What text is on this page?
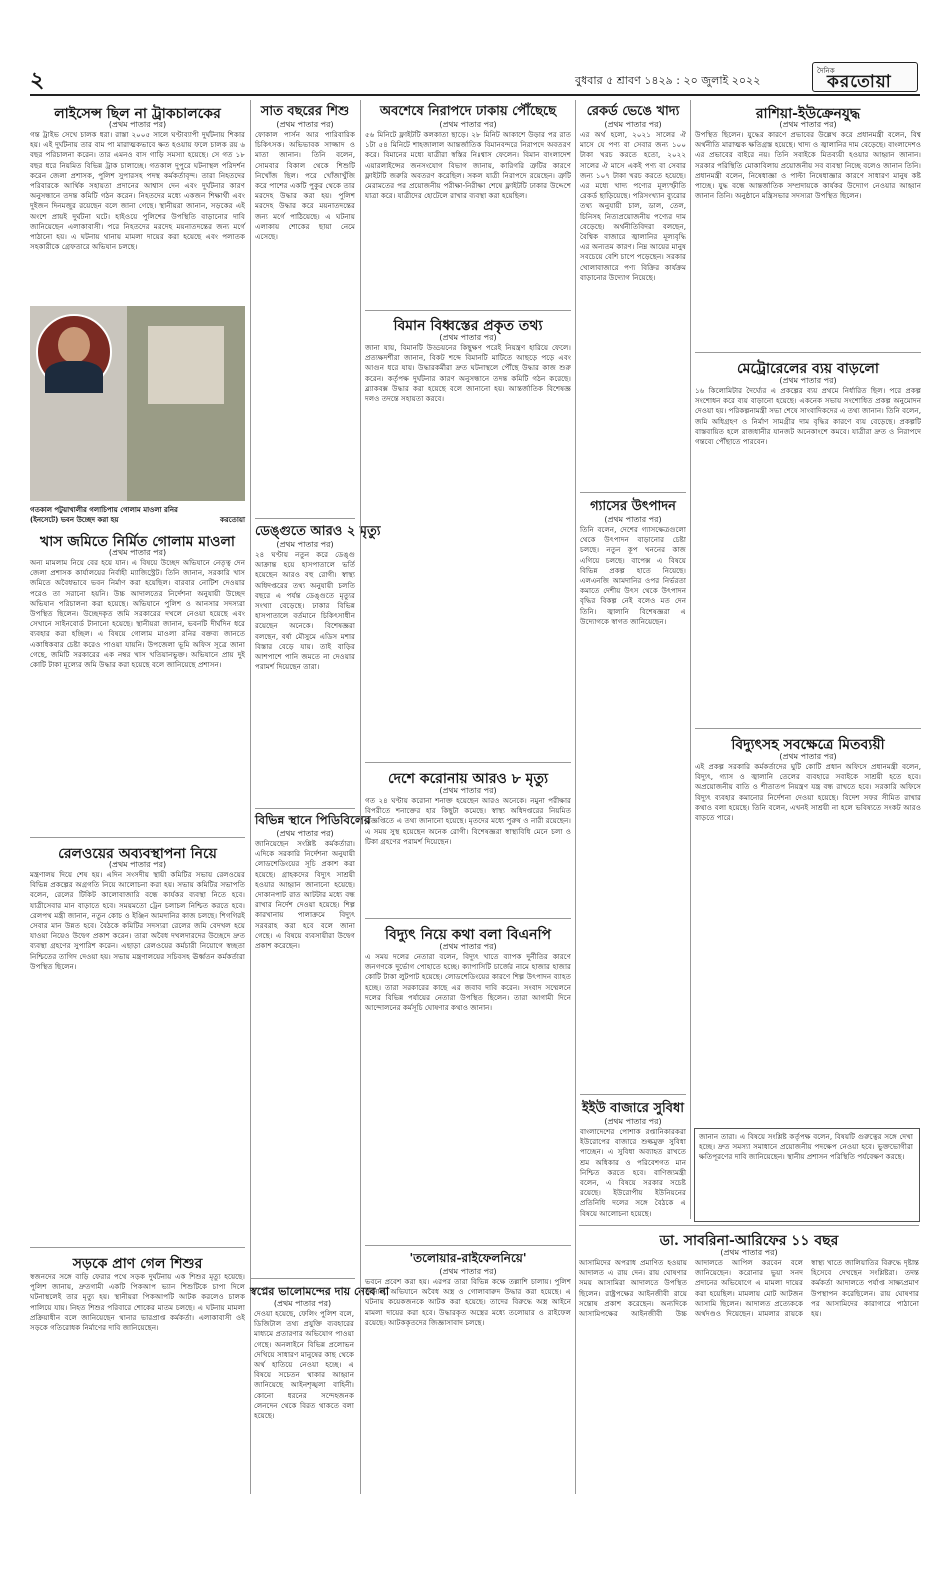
২	বুধবার ৫ শ্রাবণ ১৪২৯ : ২০ জুলাই ২০২২
দৈনিক
করতোয়া
লাইসেন্স ছিল না ট্রাকচালকের
(প্রথম পাতার পর)
গন্ত ট্রাইভ সেখে চালক ধরা। রাস্তা ২০০৫ সালে ঘণ্টাব্যাপী দুর্ঘটনায় শিকার হয়। এই দুর্ঘটনায় তার বাম পা মারাত্মকভাবে ক্ষত হওয়ায় ফলে চালক রয় ৬ বছর পরিচালনা করেন। তার এমনও বাস গাড়ি সমস্যা হয়েছে। সে গত ১৮ বছর ধরে নিয়মিত বিভিন্ন ট্রাক চালাচ্ছে। গতকাল দুপুরে ঘটনাস্থল পরিদর্শন করেন জেলা প্রশাসক, পুলিশ সুপারসহ পদস্থ কর্মকর্তাবৃন্দ। তারা নিহতদের পরিবারকে আর্থিক সহায়তা প্রদানের আশ্বাস দেন এবং দুর্ঘটনার কারণ অনুসন্ধানে তদন্ত কমিটি গঠন করেন। নিহতদের মধ্যে একজন শিক্ষার্থী এবং দুইজন দিনমজুর রয়েছেন বলে জানা গেছে। স্থানীয়রা জানান, সড়কের এই অংশে প্রায়ই দুর্ঘটনা ঘটে। হাইওয়ে পুলিশের উপস্থিতি বাড়ানোর দাবি জানিয়েছেন এলাকাবাসী। পরে নিহতদের মরদেহ ময়নাতদন্তের জন্য মর্গে পাঠানো হয়। এ ঘটনায় থানায় মামলা দায়ের করা হয়েছে এবং পলাতক সহকারীকে গ্রেফতারে অভিযান চলছে।
গতকাল পটুয়াখালীর গলাচিপায় গোলাম মাওলা রনির (ইনসেটে) ভবন উচ্ছেদ করা হয়	করতোয়া
খাস জমিতে নির্মিত গোলাম মাওলা
(প্রথম পাতার পর)
অন্য মামলাম নিয়ে বের হয়ে যান। এ বিষয়ে উচ্ছেদ অভিযানে নেতৃত্ব দেন জেলা প্রশাসক কার্যালয়ের নির্বাহী ম্যাজিস্ট্রেট। তিনি জানান, সরকারি খাস জমিতে অবৈধভাবে ভবন নির্মাণ করা হয়েছিল। বারবার নোটিশ দেওয়ার পরেও তা সরানো হয়নি। উচ্চ আদালতের নির্দেশনা অনুযায়ী উচ্ছেদ অভিযান পরিচালনা করা হয়েছে। অভিযানে পুলিশ ও আনসার সদস্যরা উপস্থিত ছিলেন। উচ্ছেদকৃত জমি সরকারের দখলে নেওয়া হয়েছে এবং সেখানে সাইনবোর্ড টানানো হয়েছে। স্থানীয়রা জানান, ভবনটি দীর্ঘদিন ধরে ব্যবহার করা হচ্ছিল। এ বিষয়ে গোলাম মাওলা রনির বক্তব্য জানতে একাধিকবার চেষ্টা করেও পাওয়া যায়নি। উপজেলা ভূমি অফিস সূত্রে জানা গেছে, জমিটি সরকারের এক নম্বর খাস খতিয়ানভুক্ত। অভিযানে প্রায় দুই কোটি টাকা মূল্যের জমি উদ্ধার করা হয়েছে বলে জানিয়েছে প্রশাসন।
রেলওয়ের অব্যবস্থাপনা নিয়ে
(প্রথম পাতার পর)
মন্ত্রণালয় দিয়ে শেষ হয়। এদিন সংসদীয় স্থায়ী কমিটির সভায় রেলওয়ের বিভিন্ন প্রকল্পের অগ্রগতি নিয়ে আলোচনা করা হয়। সভায় কমিটির সভাপতি বলেন, রেলের টিকিট কালোবাজারি বন্ধে কার্যকর ব্যবস্থা নিতে হবে। যাত্রীসেবার মান বাড়াতে হবে। সময়মতো ট্রেন চলাচল নিশ্চিত করতে হবে। রেলপথ মন্ত্রী জানান, নতুন কোচ ও ইঞ্জিন আমদানির কাজ চলছে। শিগগিরই সেবার মান উন্নত হবে। বৈঠকে কমিটির সদস্যরা রেলের জমি বেদখল হয়ে যাওয়া নিয়েও উদ্বেগ প্রকাশ করেন। তারা অবৈধ দখলদারদের উচ্ছেদে দ্রুত ব্যবস্থা গ্রহণের সুপারিশ করেন। এছাড়া রেলওয়ের কর্মচারী নিয়োগে স্বচ্ছতা নিশ্চিতের তাগিদ দেওয়া হয়। সভায় মন্ত্রণালয়ের সচিবসহ ঊর্ধ্বতন কর্মকর্তারা উপস্থিত ছিলেন।
সড়কে প্রাণ গেল শিশুর
স্বজনদের সঙ্গে বাড়ি ফেরার পথে সড়ক দুর্ঘটনায় এক শিশুর মৃত্যু হয়েছে। পুলিশ জানায়, দ্রুতগামী একটি পিকআপ ভ্যান শিশুটিকে চাপা দিলে ঘটনাস্থলেই তার মৃত্যু হয়। স্থানীয়রা পিকআপটি আটক করলেও চালক পালিয়ে যায়। নিহত শিশুর পরিবারে শোকের মাতম চলছে। এ ঘটনায় মামলা প্রক্রিয়াধীন বলে জানিয়েছেন থানার ভারপ্রাপ্ত কর্মকর্তা। এলাকাবাসী ওই সড়কে গতিরোধক নির্মাণের দাবি জানিয়েছেন।
সাত বছরের শিশু
(প্রথম পাতার পর)
ফোকাল পার্সন আর পারিবারিক চিকিৎসক। অভিভাবক সাজ্জাদ ও মাতা জানান। তিনি বলেন, সোমবার বিকাল থেকে শিশুটি নিখোঁজ ছিল। পরে খোঁজাখুঁজি করে পাশের একটি পুকুর থেকে তার মরদেহ উদ্ধার করা হয়। পুলিশ মরদেহ উদ্ধার করে ময়নাতদন্তের জন্য মর্গে পাঠিয়েছে। এ ঘটনায় এলাকায় শোকের ছায়া নেমে এসেছে।
ডেঙ্গুতে আরও ২ মৃত্যু
(প্রথম পাতার পর)
২৪ ঘণ্টায় নতুন করে ডেঙ্গু আক্রান্ত হয়ে হাসপাতালে ভর্তি হয়েছেন আরও বহু রোগী। স্বাস্থ্য অধিদপ্তরের তথ্য অনুযায়ী চলতি বছরে এ পর্যন্ত ডেঙ্গুতে মৃত্যুর সংখ্যা বেড়েছে। ঢাকার বিভিন্ন হাসপাতালে বর্তমানে চিকিৎসাধীন রয়েছেন অনেকে। বিশেষজ্ঞরা বলছেন, বর্ষা মৌসুমে এডিস মশার বিস্তার বেড়ে যায়। তাই বাড়ির আশপাশে পানি জমতে না দেওয়ার পরামর্শ দিয়েছেন তারা।
বিভিন্ন স্থানে পিডিবিলের
(প্রথম পাতার পর)
জানিয়েছেন সংশ্লিষ্ট কর্মকর্তারা। এদিকে সরকারি নির্দেশনা অনুযায়ী লোডশেডিংয়ের সূচি প্রকাশ করা হয়েছে। গ্রাহকদের বিদ্যুৎ সাশ্রয়ী হওয়ার আহ্বান জানানো হয়েছে। দোকানপাট রাত আটটার মধ্যে বন্ধ রাখার নির্দেশ দেওয়া হয়েছে। শিল্প কারখানায় পালাক্রমে বিদ্যুৎ সরবরাহ করা হবে বলে জানা গেছে। এ বিষয়ে ব্যবসায়ীরা উদ্বেগ প্রকাশ করেছেন।
স্বপ্নের ভালোমন্দের দায় নেবে না
(প্রথম পাতার পর)
দেওয়া হয়েছে, ফেলিং পুলিশ বলে, ডিজিটাল তথ্য প্রযুক্তি ব্যবহারের মাধ্যমে প্রতারণার অভিযোগ পাওয়া গেছে। অনলাইনে বিভিন্ন প্রলোভন দেখিয়ে সাধারণ মানুষের কাছ থেকে অর্থ হাতিয়ে নেওয়া হচ্ছে। এ বিষয়ে সচেতন থাকার আহ্বান জানিয়েছে আইনশৃঙ্খলা বাহিনী। কোনো ধরনের সন্দেহজনক লেনদেন থেকে বিরত থাকতে বলা হয়েছে।
অবশেষে নিরাপদে ঢাকায় পৌঁছেছে
(প্রথম পাতার পর)
৫৬ মিনিটে ফ্লাইটটি কলকাতা ছাড়ে। ২৮ মিনিট আকাশে উড়ার পর রাত ১টা ৫৪ মিনিটে শাহজালাল আন্তর্জাতিক বিমানবন্দরে নিরাপদে অবতরণ করে। বিমানের মধ্যে যাত্রীরা স্বস্তির নিঃশ্বাস ফেলেন। বিমান বাংলাদেশ এয়ারলাইন্সের জনসংযোগ বিভাগ জানায়, কারিগরি ত্রুটির কারণে ফ্লাইটটি জরুরি অবতরণ করেছিল। সকল যাত্রী নিরাপদে রয়েছেন। ত্রুটি মেরামতের পর প্রয়োজনীয় পরীক্ষা-নিরীক্ষা শেষে ফ্লাইটটি ঢাকার উদ্দেশে যাত্রা করে। যাত্রীদের হোটেলে রাখার ব্যবস্থা করা হয়েছিল।
বিমান বিধ্বস্তের প্রকৃত তথ্য
(প্রথম পাতার পর)
জানা যায়, বিমানটি উড্ডয়নের কিছুক্ষণ পরেই নিয়ন্ত্রণ হারিয়ে ফেলে। প্রত্যক্ষদর্শীরা জানান, বিকট শব্দে বিমানটি মাটিতে আছড়ে পড়ে এবং আগুন ধরে যায়। উদ্ধারকর্মীরা দ্রুত ঘটনাস্থলে পৌঁছে উদ্ধার কাজ শুরু করেন। কর্তৃপক্ষ দুর্ঘটনার কারণ অনুসন্ধানে তদন্ত কমিটি গঠন করেছে। ব্ল্যাকবক্স উদ্ধার করা হয়েছে বলে জানানো হয়। আন্তর্জাতিক বিশেষজ্ঞ দলও তদন্তে সহায়তা করবে।
দেশে করোনায় আরও ৮ মৃত্যু
(প্রথম পাতার পর)
গত ২৪ ঘণ্টায় করোনা শনাক্ত হয়েছেন আরও অনেকে। নমুনা পরীক্ষার বিপরীতে শনাক্তের হার কিছুটা কমেছে। স্বাস্থ্য অধিদপ্তরের নিয়মিত বিজ্ঞপ্তিতে এ তথ্য জানানো হয়েছে। মৃতদের মধ্যে পুরুষ ও নারী রয়েছেন। এ সময় সুস্থ হয়েছেন অনেক রোগী। বিশেষজ্ঞরা স্বাস্থ্যবিধি মেনে চলা ও টিকা গ্রহণের পরামর্শ দিয়েছেন।
বিদ্যুৎ নিয়ে কথা বলা বিএনপি
(প্রথম পাতার পর)
এ সময় দলের নেতারা বলেন, বিদ্যুৎ খাতে ব্যাপক দুর্নীতির কারণে জনগণকে দুর্ভোগ পোহাতে হচ্ছে। ক্যাপাসিটি চার্জের নামে হাজার হাজার কোটি টাকা লুটপাট হয়েছে। লোডশেডিংয়ের কারণে শিল্প উৎপাদন ব্যাহত হচ্ছে। তারা সরকারের কাছে এর জবাব দাবি করেন। সংবাদ সম্মেলনে দলের বিভিন্ন পর্যায়ের নেতারা উপস্থিত ছিলেন। তারা আগামী দিনে আন্দোলনের কর্মসূচি ঘোষণার কথাও জানান।
'তলোয়ার-রাইফেলনিয়ে'
(প্রথম পাতার পর)
ভবনে প্রবেশ করা হয়। এরপর তারা বিভিন্ন কক্ষে তল্লাশি চালায়। পুলিশ জানায়, অভিযানে অবৈধ অস্ত্র ও গোলাবারুদ উদ্ধার করা হয়েছে। এ ঘটনায় কয়েকজনকে আটক করা হয়েছে। তাদের বিরুদ্ধে অস্ত্র আইনে মামলা দায়ের করা হবে। উদ্ধারকৃত অস্ত্রের মধ্যে তলোয়ার ও রাইফেল রয়েছে। আটককৃতদের জিজ্ঞাসাবাদ চলছে।
রেকর্ড ভেঙে খাদ্য
(প্রথম পাতার পর)
এর অর্থ হলো, ২০২১ সালের ঐ মাসে যে পণ্য বা সেবার জন্য ১০০ টাকা খরচ করতে হতো, ২০২২ সালের ঐ মাসে একই পণ্য বা সেবার জন্য ১০৭ টাকা খরচ করতে হয়েছে। এর মধ্যে খাদ্য পণ্যের মূল্যস্ফীতি রেকর্ড ছাড়িয়েছে। পরিসংখ্যান ব্যুরোর তথ্য অনুযায়ী চাল, ডাল, তেল, চিনিসহ নিত্যপ্রয়োজনীয় পণ্যের দাম বেড়েছে। অর্থনীতিবিদরা বলছেন, বৈশ্বিক বাজারে জ্বালানির মূল্যবৃদ্ধি এর অন্যতম কারণ। নিম্ন আয়ের মানুষ সবচেয়ে বেশি চাপে পড়েছেন। সরকার খোলাবাজারে পণ্য বিক্রির কার্যক্রম বাড়ানোর উদ্যোগ নিয়েছে।
গ্যাসের উৎপাদন
(প্রথম পাতার পর)
তিনি বলেন, দেশের গ্যাসক্ষেত্রগুলো থেকে উৎপাদন বাড়ানোর চেষ্টা চলছে। নতুন কূপ খননের কাজ এগিয়ে চলছে। বাপেক্স এ বিষয়ে বিভিন্ন প্রকল্প হাতে নিয়েছে। এলএনজি আমদানির ওপর নির্ভরতা কমাতে দেশীয় উৎস থেকে উৎপাদন বৃদ্ধির বিকল্প নেই বলেও মত দেন তিনি। জ্বালানি বিশেষজ্ঞরা এ উদ্যোগকে স্বাগত জানিয়েছেন।
ইইউ বাজারে সুবিধা
(প্রথম পাতার পর)
বাংলাদেশের পোশাক রপ্তানিকারকরা ইউরোপের বাজারে শুল্কমুক্ত সুবিধা পাচ্ছেন। এ সুবিধা অব্যাহত রাখতে শ্রম অধিকার ও পরিবেশগত মান নিশ্চিত করতে হবে। বাণিজ্যমন্ত্রী বলেন, এ বিষয়ে সরকার সচেষ্ট রয়েছে। ইউরোপীয় ইউনিয়নের প্রতিনিধি দলের সঙ্গে বৈঠকে এ বিষয়ে আলোচনা হয়েছে।
ডা. সাবরিনা-আরিফের ১১ বছর
(প্রথম পাতার পর)
আসামিদের অপরাধ প্রমাণিত হওয়ায় আদালত এ রায় দেন। রায় ঘোষণার সময় আসামিরা আদালতে উপস্থিত ছিলেন। রাষ্ট্রপক্ষের আইনজীবী রায়ে সন্তোষ প্রকাশ করেছেন। অন্যদিকে আসামিপক্ষের আইনজীবী উচ্চ আদালতে আপিল করবেন বলে জানিয়েছেন। করোনার ভুয়া সনদ প্রদানের অভিযোগে এ মামলা দায়ের করা হয়েছিল। মামলায় মোট আটজন আসামি ছিলেন। আদালত প্রত্যেককে অর্থদণ্ডও দিয়েছেন। মামলার রায়কে স্বাস্থ্য খাতে জালিয়াতির বিরুদ্ধে দৃষ্টান্ত হিসেবে দেখছেন সংশ্লিষ্টরা। তদন্ত কর্মকর্তা আদালতে পর্যাপ্ত সাক্ষ্যপ্রমাণ উপস্থাপন করেছিলেন। রায় ঘোষণার পর আসামিদের কারাগারে পাঠানো হয়।
রাশিয়া-ইউক্রেনযুদ্ধ
(প্রথম পাতার পর)
উপস্থিত ছিলেন। যুদ্ধের কারণে প্রভাবের উল্লেখ করে প্রধানমন্ত্রী বলেন, বিশ্ব অর্থনীতি মারাত্মক ক্ষতিগ্রস্ত হয়েছে। খাদ্য ও জ্বালানির দাম বেড়েছে। বাংলাদেশও এর প্রভাবের বাইরে নয়। তিনি সবাইকে মিতব্যয়ী হওয়ার আহ্বান জানান। সরকার পরিস্থিতি মোকাবিলায় প্রয়োজনীয় সব ব্যবস্থা নিচ্ছে বলেও জানান তিনি। প্রধানমন্ত্রী বলেন, নিষেধাজ্ঞা ও পাল্টা নিষেধাজ্ঞার কারণে সাধারণ মানুষ কষ্ট পাচ্ছে। যুদ্ধ বন্ধে আন্তর্জাতিক সম্প্রদায়কে কার্যকর উদ্যোগ নেওয়ার আহ্বান জানান তিনি। অনুষ্ঠানে মন্ত্রিসভার সদস্যরা উপস্থিত ছিলেন।
মেট্রোরেলের ব্যয় বাড়লো
(প্রথম পাতার পর)
১৬ কিলোমিটার দৈর্ঘ্যের এ প্রকল্পের ব্যয় প্রথমে নির্ধারিত ছিল। পরে প্রকল্প সংশোধন করে ব্যয় বাড়ানো হয়েছে। একনেক সভায় সংশোধিত প্রকল্প অনুমোদন দেওয়া হয়। পরিকল্পনামন্ত্রী সভা শেষে সাংবাদিকদের এ তথ্য জানান। তিনি বলেন, জমি অধিগ্রহণ ও নির্মাণ সামগ্রীর দাম বৃদ্ধির কারণে ব্যয় বেড়েছে। প্রকল্পটি বাস্তবায়িত হলে রাজধানীর যানজট অনেকাংশে কমবে। যাত্রীরা দ্রুত ও নিরাপদে গন্তব্যে পৌঁছাতে পারবেন।
বিদ্যুৎসহ সবক্ষেত্রে মিতব্যয়ী
(প্রথম পাতার পর)
এই প্রকল্প সরকারি কর্মকর্তাদের ঘুটি কোটি প্রধান অফিসে প্রধানমন্ত্রী বলেন, বিদ্যুৎ, গ্যাস ও জ্বালানি তেলের ব্যবহারে সবাইকে সাশ্রয়ী হতে হবে। অপ্রয়োজনীয় বাতি ও শীতাতপ নিয়ন্ত্রণ যন্ত্র বন্ধ রাখতে হবে। সরকারি অফিসে বিদ্যুৎ ব্যবহার কমানোর নির্দেশনা দেওয়া হয়েছে। বিদেশ সফর সীমিত রাখার কথাও বলা হয়েছে। তিনি বলেন, এখনই সাশ্রয়ী না হলে ভবিষ্যতে সংকট আরও বাড়তে পারে।
জানান তারা। এ বিষয়ে সংশ্লিষ্ট কর্তৃপক্ষ বলেন, বিষয়টি গুরুত্বের সঙ্গে দেখা হচ্ছে। দ্রুত সমস্যা সমাধানে প্রয়োজনীয় পদক্ষেপ নেওয়া হবে। ভুক্তভোগীরা ক্ষতিপূরণের দাবি জানিয়েছেন। স্থানীয় প্রশাসন পরিস্থিতি পর্যবেক্ষণ করছে।
